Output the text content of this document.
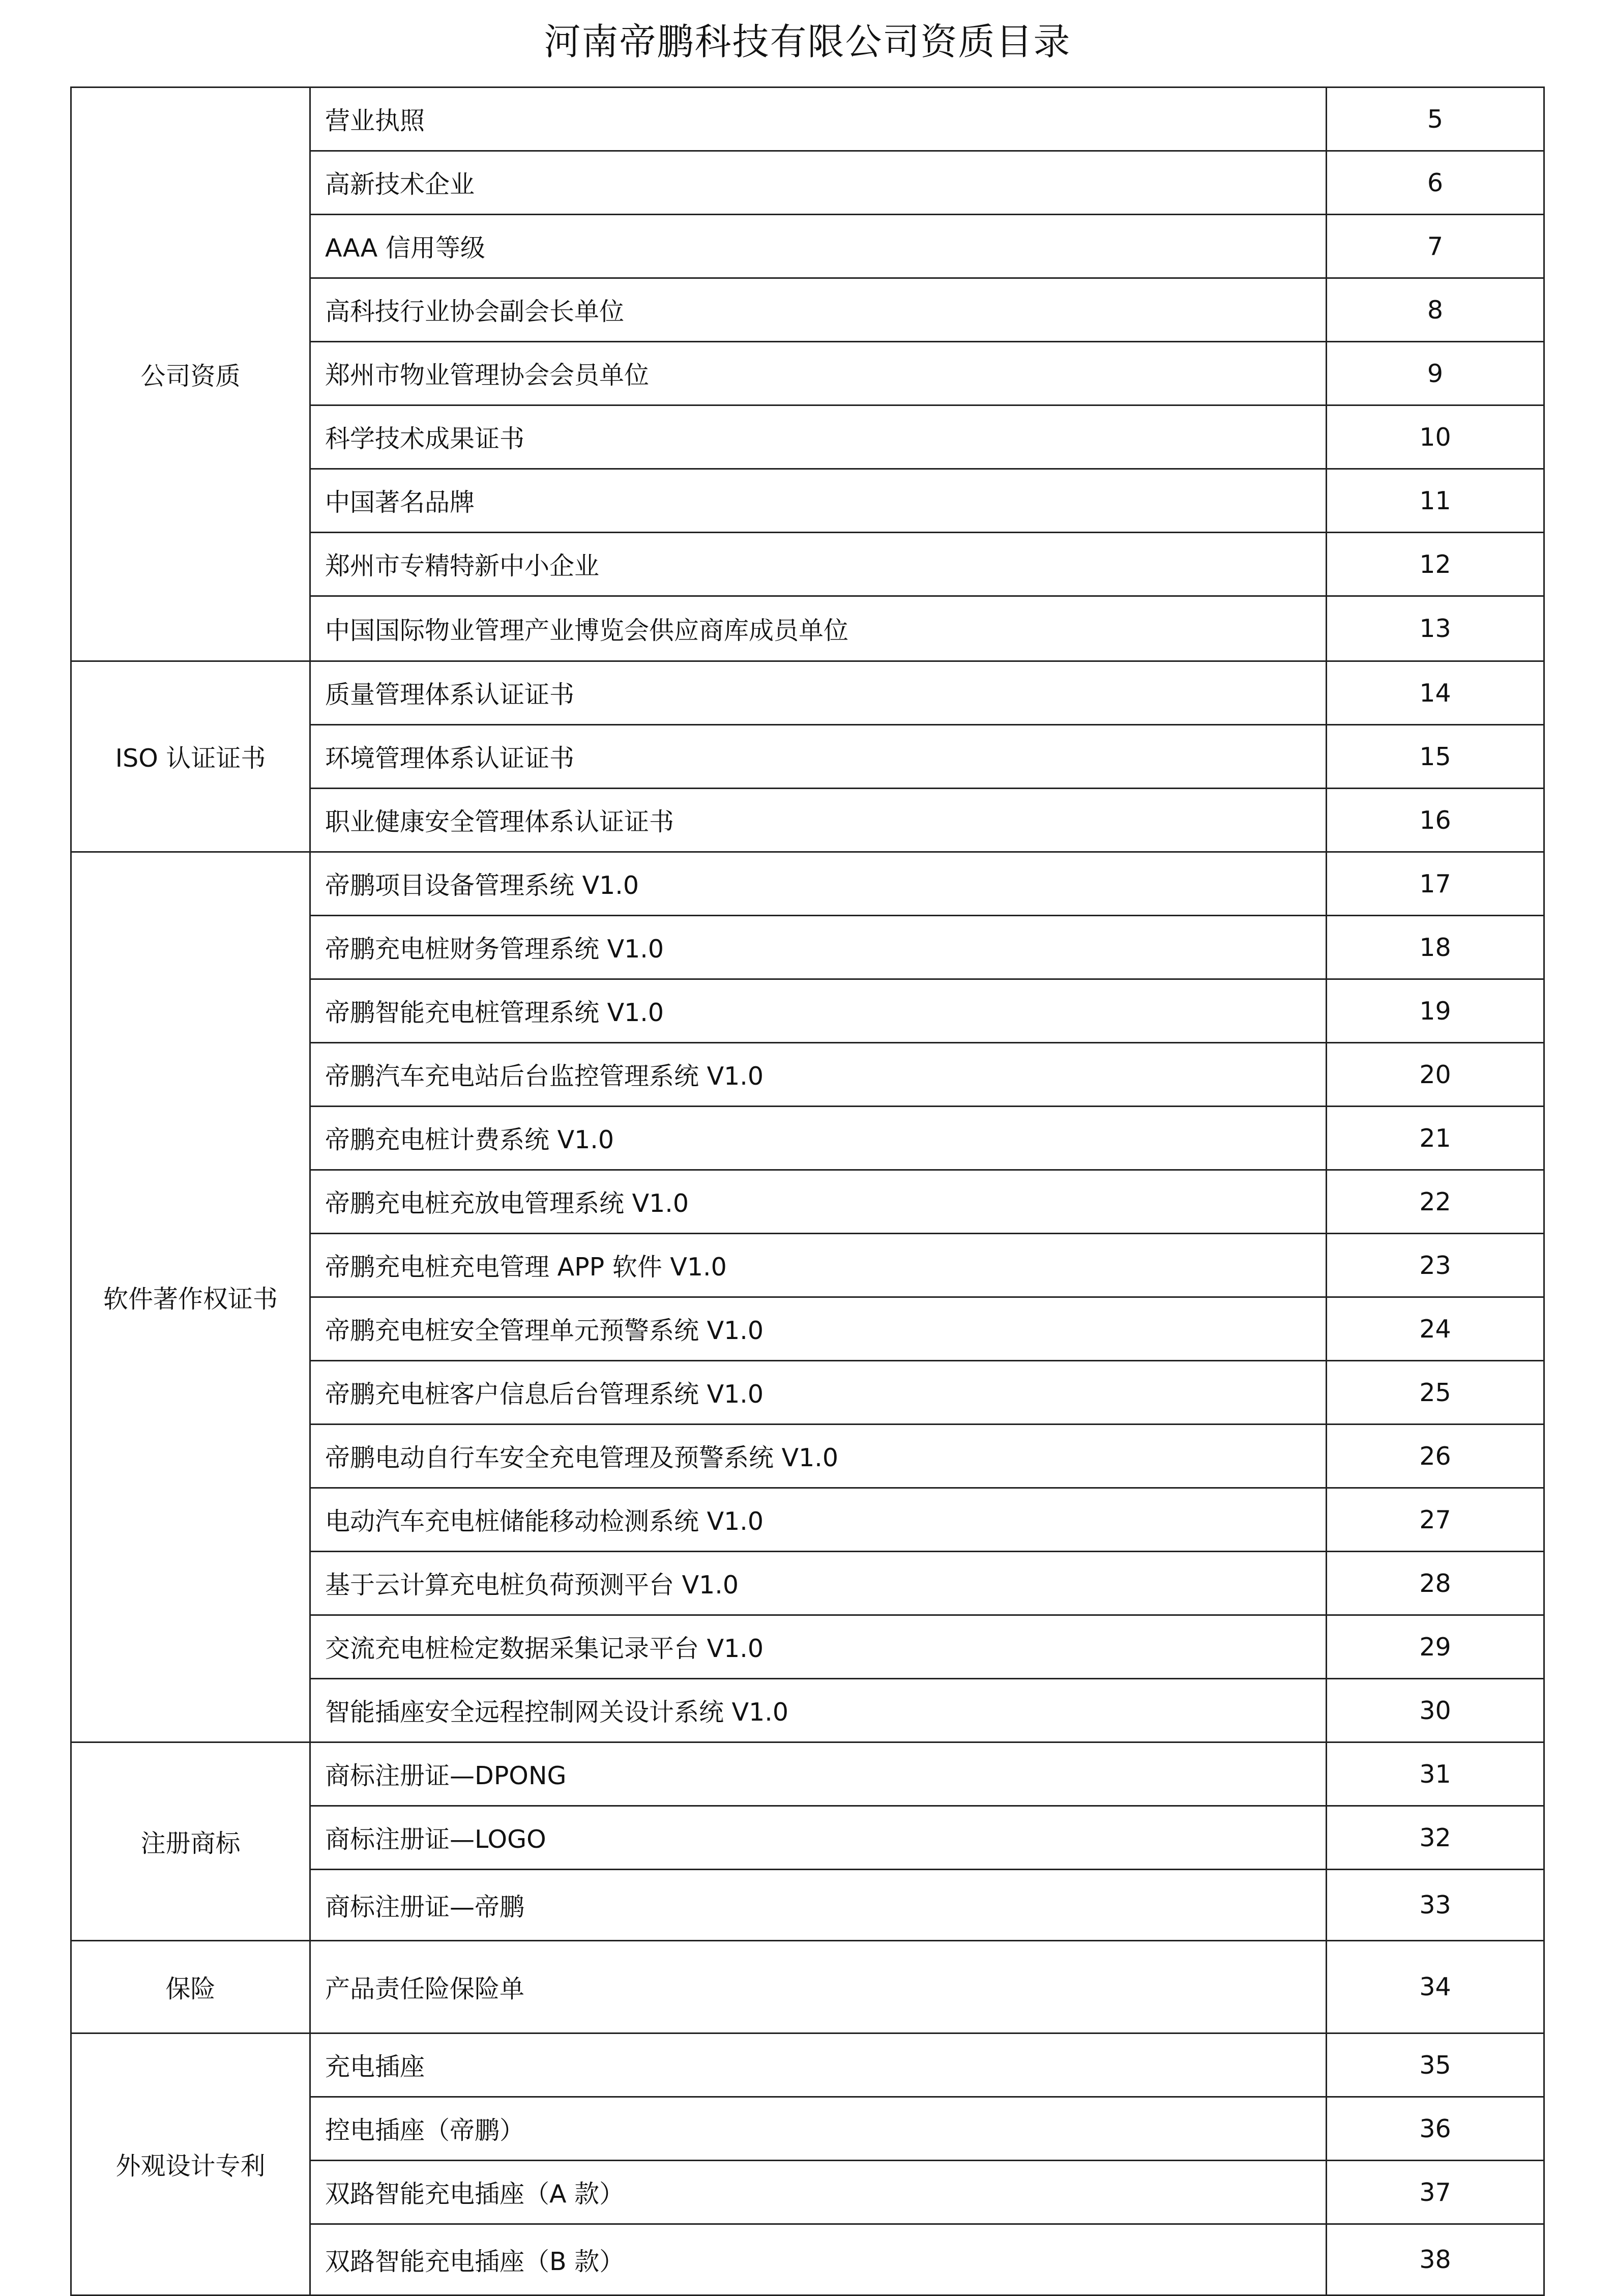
河南帝鹏科技有限公司资质目录
公司资质	营业执照	5
	高新技术企业	6
	AAA 信用等级	7
	高科技行业协会副会长单位	8
	郑州市物业管理协会会员单位	9
	科学技术成果证书	10
	中国著名品牌	11
	郑州市专精特新中小企业	12
	中国国际物业管理产业博览会供应商库成员单位	13
ISO 认证证书	质量管理体系认证证书	14
	环境管理体系认证证书	15
	职业健康安全管理体系认证证书	16
软件著作权证书	帝鹏项目设备管理系统 V1.0	17
	帝鹏充电桩财务管理系统 V1.0	18
	帝鹏智能充电桩管理系统 V1.0	19
	帝鹏汽车充电站后台监控管理系统 V1.0	20
	帝鹏充电桩计费系统 V1.0	21
	帝鹏充电桩充放电管理系统 V1.0	22
	帝鹏充电桩充电管理 APP 软件 V1.0	23
	帝鹏充电桩安全管理单元预警系统 V1.0	24
	帝鹏充电桩客户信息后台管理系统 V1.0	25
	帝鹏电动自行车安全充电管理及预警系统 V1.0	26
	电动汽车充电桩储能移动检测系统 V1.0	27
	基于云计算充电桩负荷预测平台 V1.0	28
	交流充电桩检定数据采集记录平台 V1.0	29
	智能插座安全远程控制网关设计系统 V1.0	30
注册商标	商标注册证—DPONG	31
	商标注册证—LOGO	32
	商标注册证—帝鹏	33
保险	产品责任险保险单	34
外观设计专利	充电插座	35
	控电插座（帝鹏）	36
	双路智能充电插座（A 款）	37
	双路智能充电插座（B 款）	38
